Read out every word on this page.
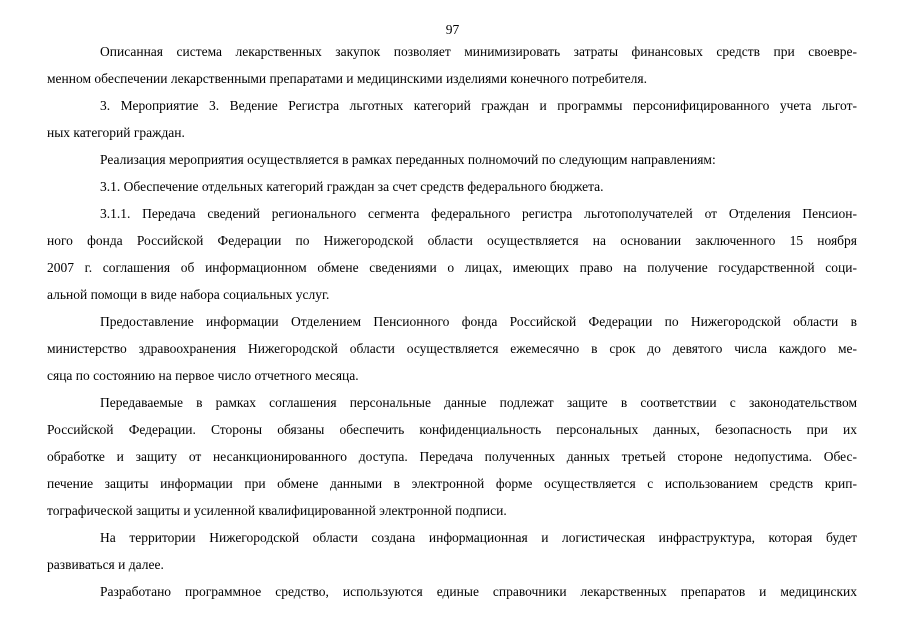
97
Описанная система лекарственных закупок позволяет минимизировать затраты финансовых средств при своевре-
менном обеспечении лекарственными препаратами и медицинскими изделиями конечного потребителя.
3. Мероприятие 3. Ведение Регистра льготных категорий граждан и программы персонифицированного учета льгот-
ных категорий граждан.
Реализация мероприятия осуществляется в рамках переданных полномочий по следующим направлениям:
3.1. Обеспечение отдельных категорий граждан за счет средств федерального бюджета.
3.1.1. Передача сведений регионального сегмента федерального регистра льготополучателей от Отделения Пенсион-
ного фонда Российской Федерации по Нижегородской области осуществляется на основании заключенного 15 ноября
2007 г. соглашения об информационном обмене сведениями о лицах, имеющих право на получение государственной соци-
альной помощи в виде набора социальных услуг.
Предоставление информации Отделением Пенсионного фонда Российской Федерации по Нижегородской области в
министерство здравоохранения Нижегородской области осуществляется ежемесячно в срок до девятого числа каждого ме-
сяца по состоянию на первое число отчетного месяца.
Передаваемые в рамках соглашения персональные данные подлежат защите в соответствии с законодательством
Российской Федерации. Стороны обязаны обеспечить конфиденциальность персональных данных, безопасность при их
обработке и защиту от несанкционированного доступа. Передача полученных данных третьей стороне недопустима. Обес-
печение защиты информации при обмене данными в электронной форме осуществляется с использованием средств крип-
тографической защиты и усиленной квалифицированной электронной подписи.
На территории Нижегородской области создана информационная и логистическая инфраструктура, которая будет
развиваться и далее.
Разработано программное средство, используются единые справочники лекарственных препаратов и медицинских
